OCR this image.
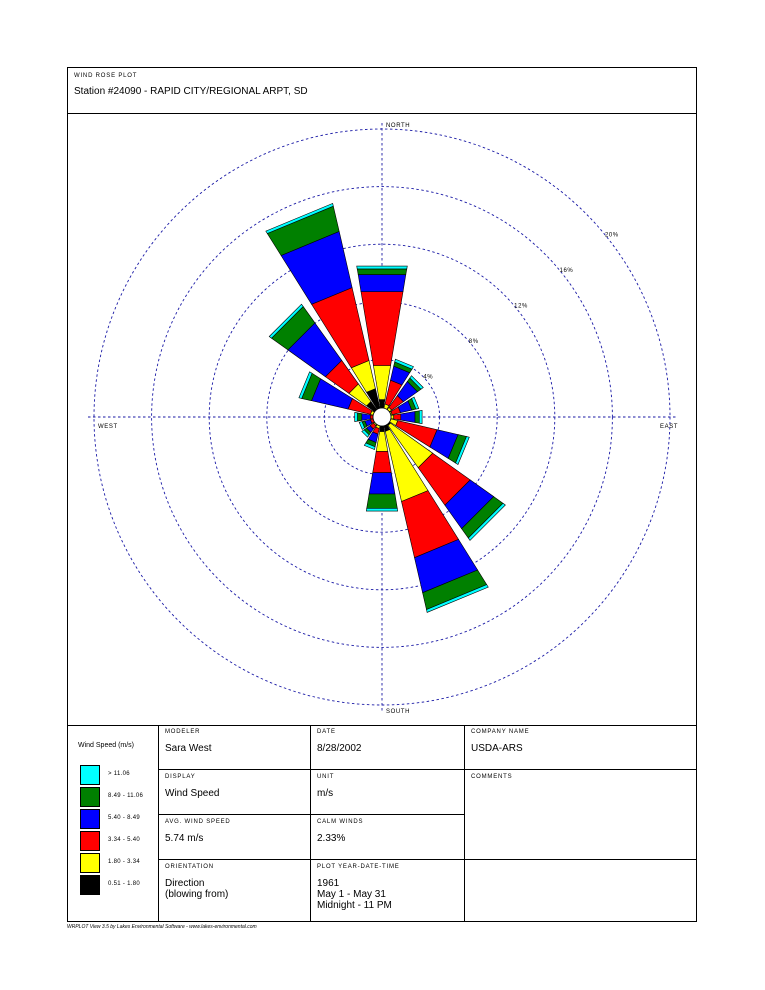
WIND ROSE PLOT
Station #24090 - RAPID CITY/REGIONAL ARPT, SD
NORTH
SOUTH
EAST
WEST
4%
8%
12%
16%
20%
Wind Speed (m/s)
> 11.06
8.49 - 11.06
5.40 - 8.49
3.34 - 5.40
1.80 - 3.34
0.51 - 1.80
MODELER
Sara West
DATE
8/28/2002
COMPANY NAME
USDA-ARS
DISPLAY
Wind Speed
UNIT
m/s
COMMENTS
AVG. WIND SPEED
5.74 m/s
CALM WINDS
2.33%
ORIENTATION
Direction
(blowing from)
PLOT YEAR-DATE-TIME
1961
May 1 - May 31
Midnight - 11 PM
WRPLOT View 3.5 by Lakes Environmental Software - www.lakes-environmental.com
